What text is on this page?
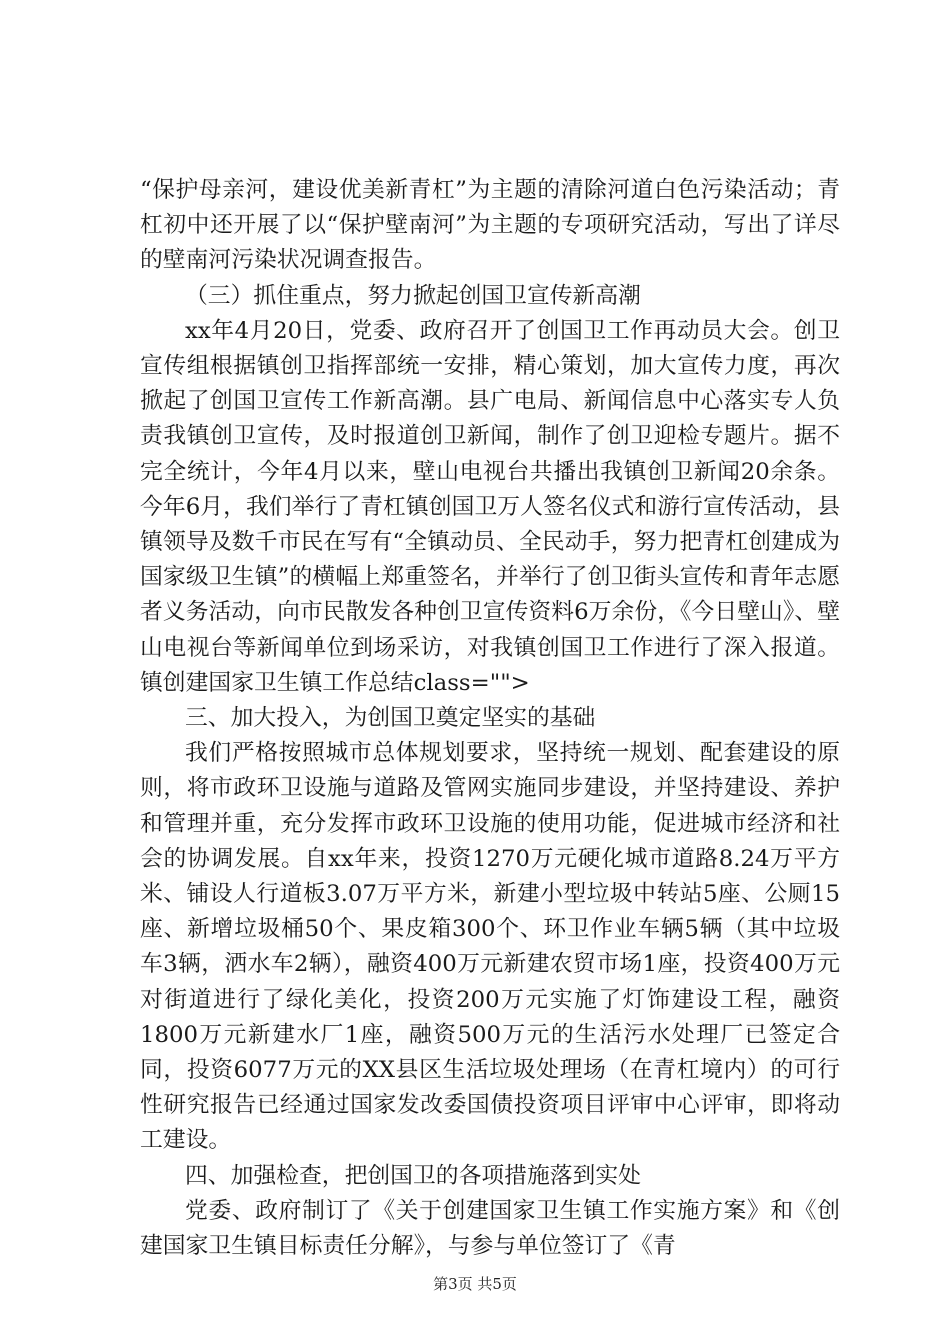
“保护母亲河，建设优美新青杠”为主题的清除河道白色污染活动；青杠初中还开展了以“保护壁南河”为主题的专项研究活动，写出了详尽的壁南河污染状况调查报告。

（三）抓住重点，努力掀起创国卫宣传新高潮

xx年4月20日，党委、政府召开了创国卫工作再动员大会。创卫宣传组根据镇创卫指挥部统一安排，精心策划，加大宣传力度，再次掀起了创国卫宣传工作新高潮。县广电局、新闻信息中心落实专人负责我镇创卫宣传，及时报道创卫新闻，制作了创卫迎检专题片。据不完全统计，今年4月以来，壁山电视台共播出我镇创卫新闻20余条。今年6月，我们举行了青杠镇创国卫万人签名仪式和游行宣传活动，县镇领导及数千市民在写有“全镇动员、全民动手，努力把青杠创建成为国家级卫生镇”的横幅上郑重签名，并举行了创卫街头宣传和青年志愿者义务活动，向市民散发各种创卫宣传资料6万余份，《今日壁山》、壁山电视台等新闻单位到场采访，对我镇创国卫工作进行了深入报道。镇创建国家卫生镇工作总结class="">

三、加大投入，为创国卫奠定坚实的基础

我们严格按照城市总体规划要求，坚持统一规划、配套建设的原则，将市政环卫设施与道路及管网实施同步建设，并坚持建设、养护和管理并重，充分发挥市政环卫设施的使用功能，促进城市经济和社会的协调发展。自xx年来，投资1270万元硬化城市道路8.24万平方米、铺设人行道板3.07万平方米，新建小型垃圾中转站5座、公厕15座、新增垃圾桶50个、果皮箱300个、环卫作业车辆5辆（其中垃圾车3辆，洒水车2辆），融资400万元新建农贸市场1座，投资400万元对街道进行了绿化美化，投资200万元实施了灯饰建设工程，融资1800万元新建水厂1座，融资500万元的生活污水处理厂已签定合同，投资6077万元的XX县区生活垃圾处理场（在青杠境内）的可行性研究报告已经通过国家发改委国债投资项目评审中心评审，即将动工建设。

四、加强检查，把创国卫的各项措施落到实处

党委、政府制订了《关于创建国家卫生镇工作实施方案》和《创建国家卫生镇目标责任分解》，与参与单位签订了《青

第3页 共5页
